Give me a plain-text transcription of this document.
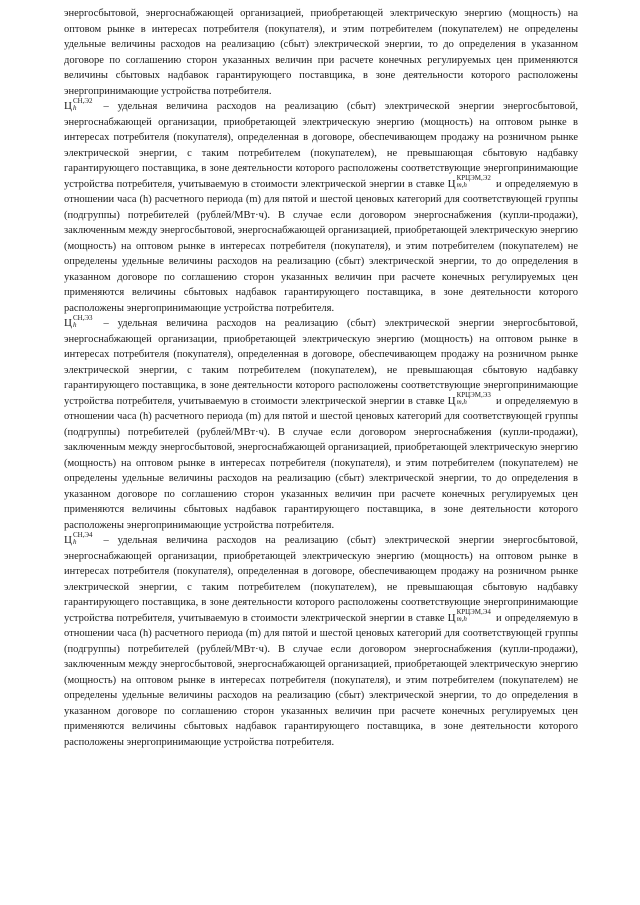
энергосбытовой, энергоснабжающей организацией, приобретающей электрическую энергию (мощность) на оптовом рынке в интересах потребителя (покупателя), и этим потребителем (покупателем) не определены удельные величины расходов на реализацию (сбыт) электрической энергии, то до определения в указанном договоре по соглашению сторон указанных величин при расчете конечных регулируемых цен применяются величины сбытовых надбавок гарантирующего поставщика, в зоне деятельности которого расположены энергопринимающие устройства потребителя.

Ц СН,Э2
h	– удельная величина расходов на реализацию (сбыт) электрической энергии энергосбытовой, энергоснабжающей организации, приобретающей электрическую энергию (мощность) на оптовом рынке в интересах потребителя (покупателя), определенная в договоре, обеспечивающем продажу на розничном рынке электрической энергии, с таким потребителем (покупателем), не превышающая сбытовую надбавку гарантирующего поставщика, в зоне деятельности которого расположены соответствующие энергопринимающие устройства потребителя, учитываемую в стоимости электрической энергии в ставке Ц КРЦЭМ,Э2
m,h	и определяемую в отношении часа (h) расчетного периода (m) для пятой и шестой ценовых категорий для соответствующей группы (подгруппы) потребителей (рублей/МВт·ч). В случае если договором энергоснабжения (купли-продажи), заключенным между энергосбытовой, энергоснабжающей организацией, приобретающей электрическую энергию (мощность) на оптовом рынке в интересах потребителя (покупателя), и этим потребителем (покупателем) не определены удельные величины расходов на реализацию (сбыт) электрической энергии, то до определения в указанном договоре по соглашению сторон указанных величин при расчете конечных регулируемых цен применяются величины сбытовых надбавок гарантирующего поставщика, в зоне деятельности которого расположены энергопринимающие устройства потребителя.

Ц СН,Э3
h	– удельная величина расходов на реализацию (сбыт) электрической энергии энергосбытовой, энергоснабжающей организации, приобретающей электрическую энергию (мощность) на оптовом рынке в интересах потребителя (покупателя), определенная в договоре, обеспечивающем продажу на розничном рынке электрической энергии, с таким потребителем (покупателем), не превышающая сбытовую надбавку гарантирующего поставщика, в зоне деятельности которого расположены соответствующие энергопринимающие устройства потребителя, учитываемую в стоимости электрической энергии в ставке Ц КРЦЭМ,Э3
m,h	и определяемую в отношении часа (h) расчетного периода (m) для пятой и шестой ценовых категорий для соответствующей группы (подгруппы) потребителей (рублей/МВт·ч). В случае если договором энергоснабжения (купли-продажи), заключенным между энергосбытовой, энергоснабжающей организацией, приобретающей электрическую энергию (мощность) на оптовом рынке в интересах потребителя (покупателя), и этим потребителем (покупателем) не определены удельные величины расходов на реализацию (сбыт) электрической энергии, то до определения в указанном договоре по соглашению сторон указанных величин при расчете конечных регулируемых цен применяются величины сбытовых надбавок гарантирующего поставщика, в зоне деятельности которого расположены энергопринимающие устройства потребителя.

Ц СН,Э4
h	– удельная величина расходов на реализацию (сбыт) электрической энергии энергосбытовой, энергоснабжающей организации, приобретающей электрическую энергию (мощность) на оптовом рынке в интересах потребителя (покупателя), определенная в договоре, обеспечивающем продажу на розничном рынке электрической энергии, с таким потребителем (покупателем), не превышающая сбытовую надбавку гарантирующего поставщика, в зоне деятельности которого расположены соответствующие энергопринимающие устройства потребителя, учитываемую в стоимости электрической энергии в ставке Ц КРЦЭМ,Э4
m,h	и определяемую в отношении часа (h) расчетного периода (m) для пятой и шестой ценовых категорий для соответствующей группы (подгруппы) потребителей (рублей/МВт·ч). В случае если договором энергоснабжения (купли-продажи), заключенным между энергосбытовой, энергоснабжающей организацией, приобретающей электрическую энергию (мощность) на оптовом рынке в интересах потребителя (покупателя), и этим потребителем (покупателем) не определены удельные величины расходов на реализацию (сбыт) электрической энергии, то до определения в указанном договоре по соглашению сторон указанных величин при расчете конечных регулируемых цен применяются величины сбытовых надбавок гарантирующего поставщика, в зоне деятельности которого расположены энергопринимающие устройства потребителя.
